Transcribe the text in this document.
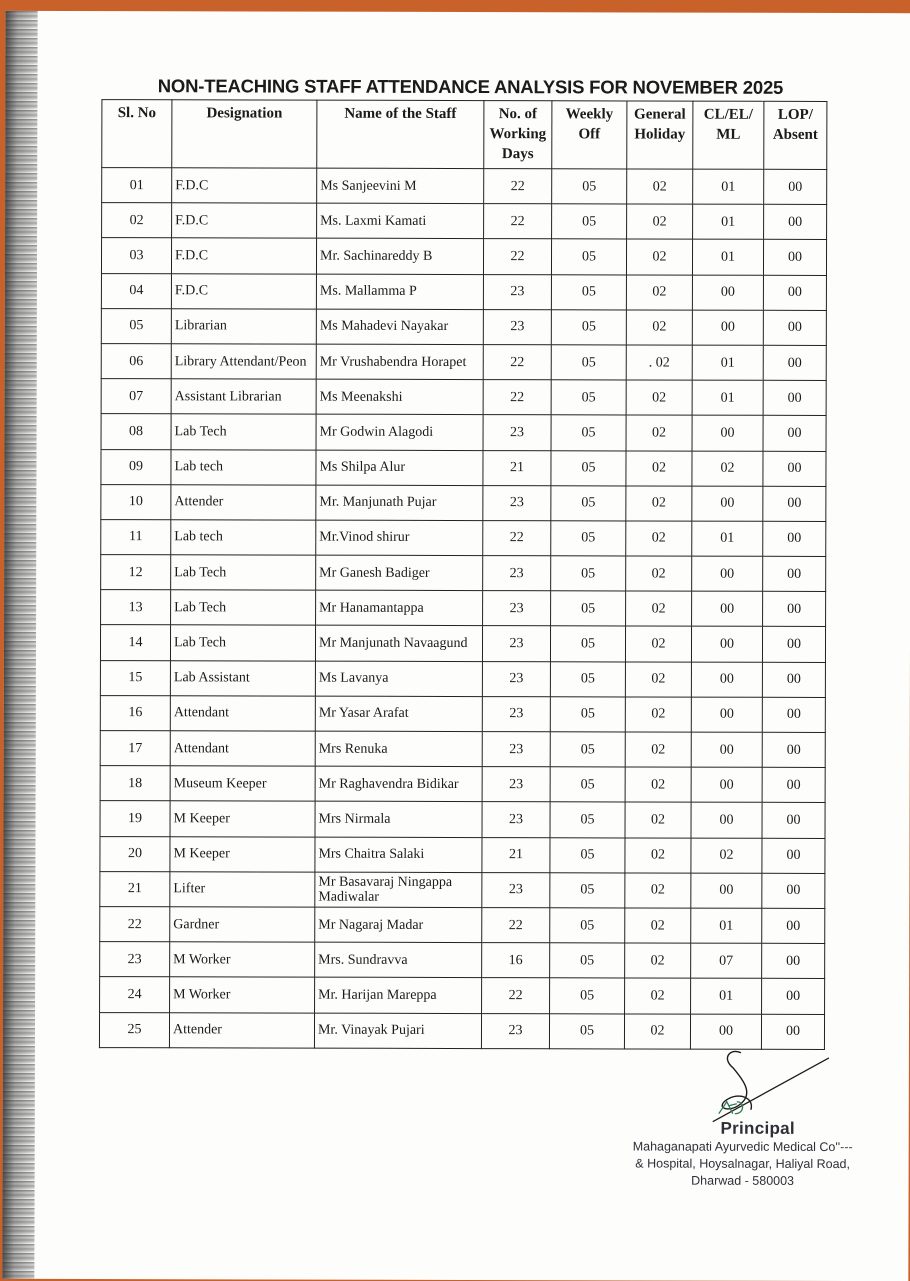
NON-TEACHING STAFF ATTENDANCE ANALYSIS FOR NOVEMBER 2025
Sl. No	Designation	Name of the Staff	No. of Working Days	Weekly Off	General Holiday	CL/EL/ ML	LOP/ Absent
01	F.D.C	Ms Sanjeevini M	22	05	02	01	00
02	F.D.C	Ms. Laxmi Kamati	22	05	02	01	00
03	F.D.C	Mr. Sachinareddy B	22	05	02	01	00
04	F.D.C	Ms. Mallamma P	23	05	02	00	00
05	Librarian	Ms Mahadevi Nayakar	23	05	02	00	00
06	Library Attendant/Peon	Mr Vrushabendra Horapet	22	05	. 02	01	00
07	Assistant Librarian	Ms Meenakshi	22	05	02	01	00
08	Lab Tech	Mr Godwin Alagodi	23	05	02	00	00
09	Lab tech	Ms Shilpa Alur	21	05	02	02	00
10	Attender	Mr. Manjunath Pujar	23	05	02	00	00
11	Lab tech	Mr.Vinod shirur	22	05	02	01	00
12	Lab Tech	Mr Ganesh Badiger	23	05	02	00	00
13	Lab Tech	Mr Hanamantappa	23	05	02	00	00
14	Lab Tech	Mr Manjunath Navaagund	23	05	02	00	00
15	Lab Assistant	Ms Lavanya	23	05	02	00	00
16	Attendant	Mr Yasar Arafat	23	05	02	00	00
17	Attendant	Mrs Renuka	23	05	02	00	00
18	Museum Keeper	Mr Raghavendra Bidikar	23	05	02	00	00
19	M Keeper	Mrs Nirmala	23	05	02	00	00
20	M Keeper	Mrs Chaitra Salaki	21	05	02	02	00
21	Lifter	Mr Basavaraj Ningappa Madiwalar	23	05	02	00	00
22	Gardner	Mr Nagaraj Madar	22	05	02	01	00
23	M Worker	Mrs. Sundravva	16	05	02	07	00
24	M Worker	Mr. Harijan Mareppa	22	05	02	01	00
25	Attender	Mr. Vinayak Pujari	23	05	02	00	00
Principal
Mahaganapati Ayurvedic Medical Co''---
& Hospital, Hoysalnagar, Haliyal Road,
Dharwad - 580003
